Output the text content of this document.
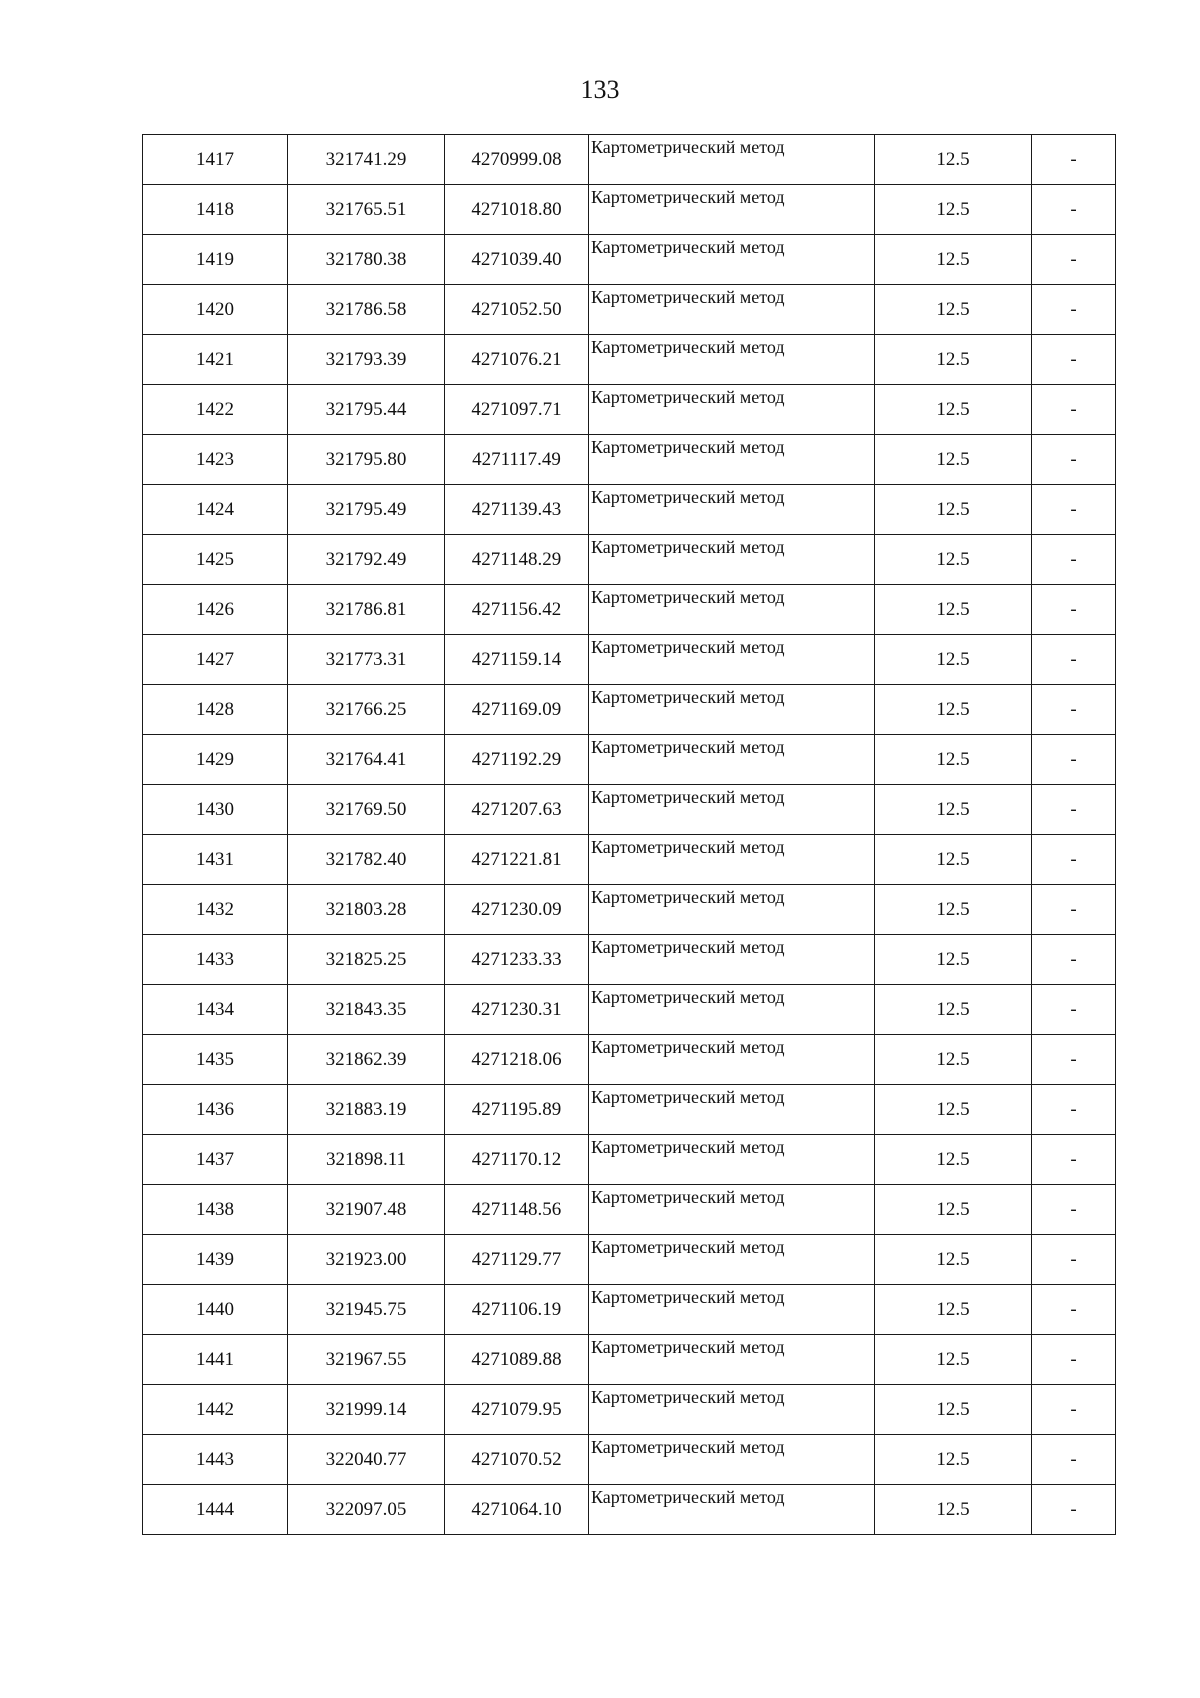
133
1417	321741.29	4270999.08	Картометрический метод	12.5	-
1418	321765.51	4271018.80	Картометрический метод	12.5	-
1419	321780.38	4271039.40	Картометрический метод	12.5	-
1420	321786.58	4271052.50	Картометрический метод	12.5	-
1421	321793.39	4271076.21	Картометрический метод	12.5	-
1422	321795.44	4271097.71	Картометрический метод	12.5	-
1423	321795.80	4271117.49	Картометрический метод	12.5	-
1424	321795.49	4271139.43	Картометрический метод	12.5	-
1425	321792.49	4271148.29	Картометрический метод	12.5	-
1426	321786.81	4271156.42	Картометрический метод	12.5	-
1427	321773.31	4271159.14	Картометрический метод	12.5	-
1428	321766.25	4271169.09	Картометрический метод	12.5	-
1429	321764.41	4271192.29	Картометрический метод	12.5	-
1430	321769.50	4271207.63	Картометрический метод	12.5	-
1431	321782.40	4271221.81	Картометрический метод	12.5	-
1432	321803.28	4271230.09	Картометрический метод	12.5	-
1433	321825.25	4271233.33	Картометрический метод	12.5	-
1434	321843.35	4271230.31	Картометрический метод	12.5	-
1435	321862.39	4271218.06	Картометрический метод	12.5	-
1436	321883.19	4271195.89	Картометрический метод	12.5	-
1437	321898.11	4271170.12	Картометрический метод	12.5	-
1438	321907.48	4271148.56	Картометрический метод	12.5	-
1439	321923.00	4271129.77	Картометрический метод	12.5	-
1440	321945.75	4271106.19	Картометрический метод	12.5	-
1441	321967.55	4271089.88	Картометрический метод	12.5	-
1442	321999.14	4271079.95	Картометрический метод	12.5	-
1443	322040.77	4271070.52	Картометрический метод	12.5	-
1444	322097.05	4271064.10	Картометрический метод	12.5	-
